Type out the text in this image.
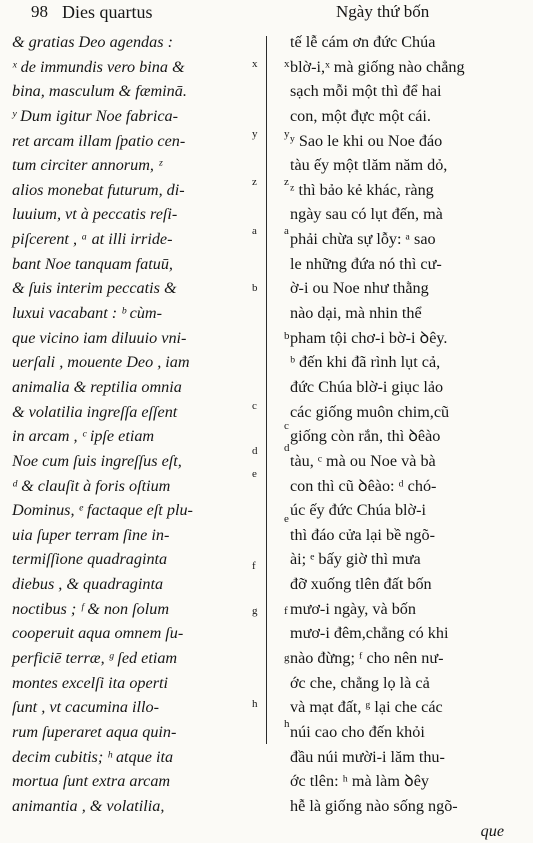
98 Dies quartus	Ngày thứ bốn
& gratias Deo agendas :
ˣ de immundis vero bina &
bina, masculum & fæminā.
ʸ Dum igitur Noe fabrica-
ret arcam illam ſpatio cen-
tum circiter annorum, ᶻ
alios monebat futurum, di-
luuium, vt à peccatis reſi-
piſcerent , ᵃ at illi irride-
bant Noe tanquam fatuū,
& ſuis interim peccatis &
luxui vacabant : ᵇ cùm-
que vicino iam diluuio vni-
uerſali , mouente Deo , iam
animalia & reptilia omnia
& volatilia ingreſſa eſſent
in arcam , ᶜ ipſe etiam
Noe cum ſuis ingreſſus eſt,
ᵈ & clauſit à foris oſtium
Dominus, ᵉ factaque eſt plu-
uia ſuper terram ſine in-
termiſſione quadraginta
diebus , & quadraginta
noctibus ; ᶠ & non ſolum
cooperuit aqua omnem ſu-
perficiē terræ, ᵍ ſed etiam
montes excelſi ita operti
ſunt , vt cacumina illo-
rum ſuperaret aqua quin-
decim cubitis; ʰ atque ita
mortua ſunt extra arcam
animantia , & volatilia,
tế lễ cám ơn đức Chúa
blờ-i,ˣ mà giống nào chẳng
sạch mỗi một thì để hai
con, một đực một cái.
ʸ Sao le khi ou Noe đáo
tàu ếy một tlăm năm dỏ,
ᶻ thì bảo kẻ khác, ràng
ngày sau có lụt đến, mà
phải chừa sự lỗy: ᵃ sao
le những đứa nó thì cư-
ờ-i ou Noe như thằng
nào dại, mà nhin thể
pham tội chơ-i bờ-i ꝺêy.
ᵇ đến khi đã rình lụt cả,
đức Chúa blờ-i giục lảo
các giống muôn chim,cũ
giống còn rắn, thì ꝺêào
tàu, ᶜ mà ou Noe và bà
con thì cũ ꝺêào: ᵈ chó-
úc ếy đức Chúa blờ-i
thì đáo cửa lại bề ngõ-
ài; ᵉ bấy giờ thì mưa
đỡ xuống tlên đất bốn
mươ-i ngày, và bốn
mươ-i đêm,chẳng có khi
nào đừng; ᶠ cho nên nư-
ớc che, chẳng lọ là cả
và mạt đất, ᵍ lại che các
núi cao cho đến khỏi
đầu núi mười-i lăm thu-
ớc tlên: ʰ mà làm ꝺêy
hễ là giống nào sống ngõ-
que
x x
y y
z z
a a
b
b
c
c
d d
e
e
f
f
g
g
h
h
